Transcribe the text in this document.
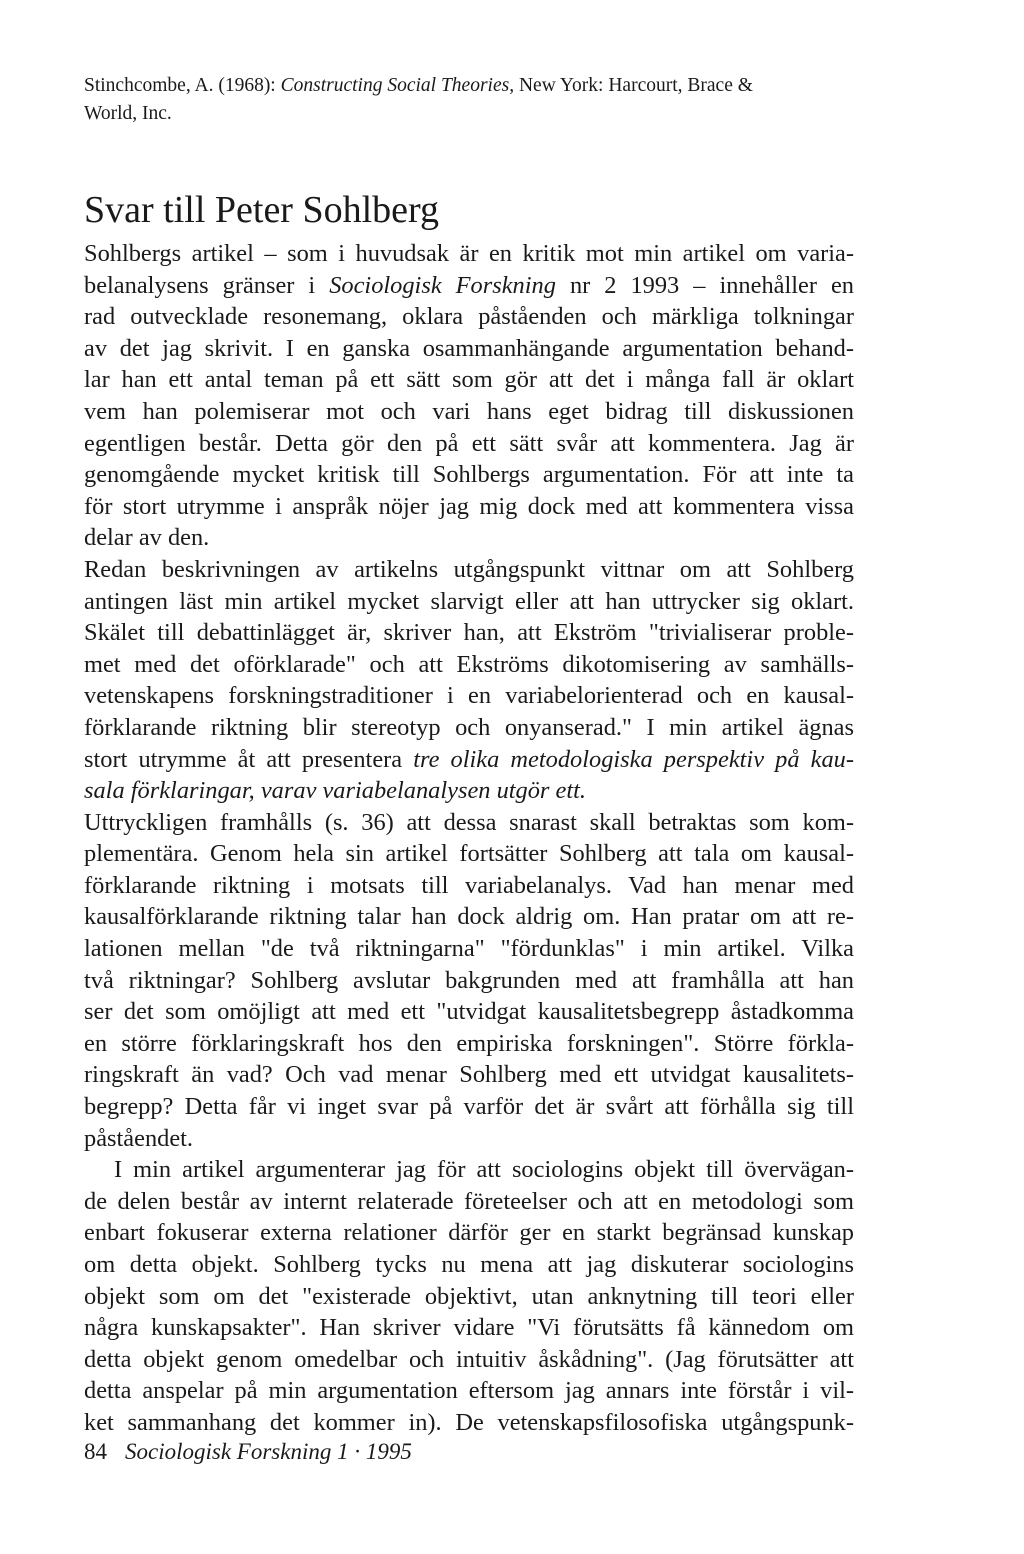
Stinchcombe, A. (1968): Constructing Social Theories, New York: Harcourt, Brace &
World, Inc.
Svar till Peter Sohlberg
Sohlbergs artikel – som i huvudsak är en kritik mot min artikel om varia-
belanalysens gränser i Sociologisk Forskning nr 2 1993 – innehåller en
rad outvecklade resonemang, oklara påståenden och märkliga tolkningar
av det jag skrivit. I en ganska osammanhängande argumentation behand-
lar han ett antal teman på ett sätt som gör att det i många fall är oklart
vem han polemiserar mot och vari hans eget bidrag till diskussionen
egentligen består. Detta gör den på ett sätt svår att kommentera. Jag är
genomgående mycket kritisk till Sohlbergs argumentation. För att inte ta
för stort utrymme i anspråk nöjer jag mig dock med att kommentera vissa
delar av den.
Redan beskrivningen av artikelns utgångspunkt vittnar om att Sohlberg
antingen läst min artikel mycket slarvigt eller att han uttrycker sig oklart.
Skälet till debattinlägget är, skriver han, att Ekström "trivialiserar proble-
met med det oförklarade" och att Ekströms dikotomisering av samhälls-
vetenskapens forskningstraditioner i en variabelorienterad och en kausal-
förklarande riktning blir stereotyp och onyanserad." I min artikel ägnas
stort utrymme åt att presentera tre olika metodologiska perspektiv på kau-
sala förklaringar, varav variabelanalysen utgör ett.
Uttryckligen framhålls (s. 36) att dessa snarast skall betraktas som kom-
plementära. Genom hela sin artikel fortsätter Sohlberg att tala om kausal-
förklarande riktning i motsats till variabelanalys. Vad han menar med
kausalförklarande riktning talar han dock aldrig om. Han pratar om att re-
lationen mellan "de två riktningarna" "fördunklas" i min artikel. Vilka
två riktningar? Sohlberg avslutar bakgrunden med att framhålla att han
ser det som omöjligt att med ett "utvidgat kausalitetsbegrepp åstadkomma
en större förklaringskraft hos den empiriska forskningen". Större förkla-
ringskraft än vad? Och vad menar Sohlberg med ett utvidgat kausalitets-
begrepp? Detta får vi inget svar på varför det är svårt att förhålla sig till
påståendet.
I min artikel argumenterar jag för att sociologins objekt till övervägan-
de delen består av internt relaterade företeelser och att en metodologi som
enbart fokuserar externa relationer därför ger en starkt begränsad kunskap
om detta objekt. Sohlberg tycks nu mena att jag diskuterar sociologins
objekt som om det "existerade objektivt, utan anknytning till teori eller
några kunskapsakter". Han skriver vidare "Vi förutsätts få kännedom om
detta objekt genom omedelbar och intuitiv åskådning". (Jag förutsätter att
detta anspelar på min argumentation eftersom jag annars inte förstår i vil-
ket sammanhang det kommer in). De vetenskapsfilosofiska utgångspunk-
84 Sociologisk Forskning 1 · 1995
